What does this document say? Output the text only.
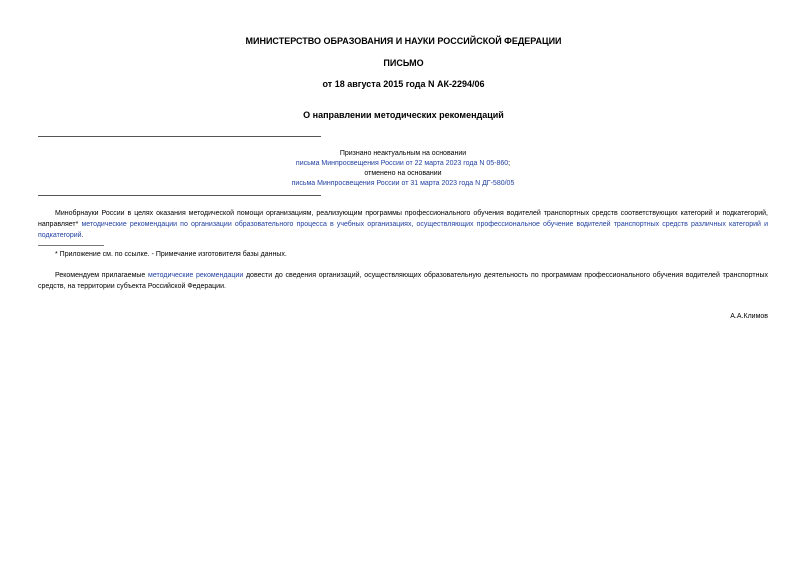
МИНИСТЕРСТВО ОБРАЗОВАНИЯ И НАУКИ РОССИЙСКОЙ ФЕДЕРАЦИИ
ПИСЬМО
от 18 августа 2015 года N АК-2294/06
О направлении методических рекомендаций
Признано неактуальным на основании
письма Минпросвещения России от 22 марта 2023 года N 05-860;
отменено на основании
письма Минпросвещения России от 31 марта 2023 года N ДГ-580/05
Минобрнауки России в целях оказания методической помощи организациям, реализующим программы профессионального обучения водителей транспортных средств соответствующих категорий и подкатегорий, направляет* методические рекомендации по организации образовательного процесса в учебных организациях, осуществляющих профессиональное обучение водителей транспортных средств различных категорий и подкатегорий.
* Приложение см. по ссылке. - Примечание изготовителя базы данных.
Рекомендуем прилагаемые методические рекомендации довести до сведения организаций, осуществляющих образовательную деятельность по программам профессионального обучения водителей транспортных средств, на территории субъекта Российской Федерации.
А.А.Климов
